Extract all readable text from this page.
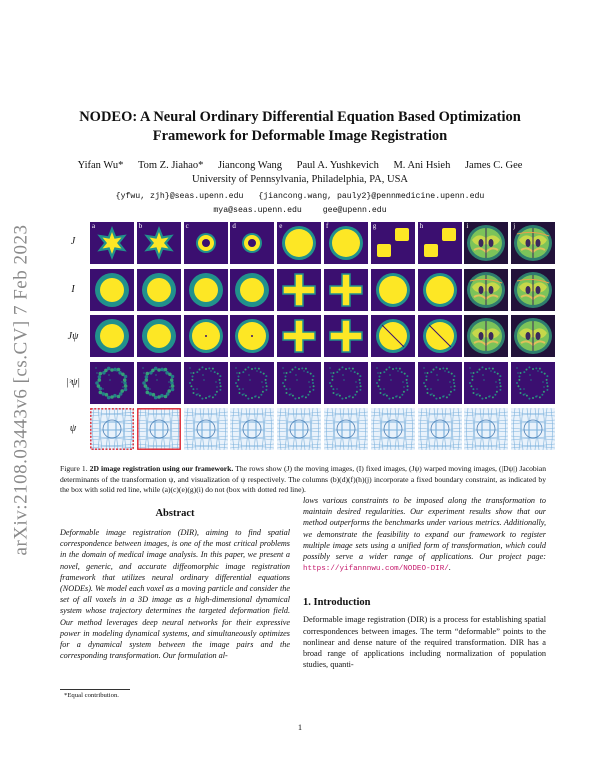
arXiv:2108.03443v6 [cs.CV] 7 Feb 2023
NODEO: A Neural Ordinary Differential Equation Based Optimization
Framework for Deformable Image Registration
Yifan Wu* Tom Z. Jiahao* Jiancong Wang Paul A. Yushkevich M. Ani Hsieh James C. Gee
University of Pennsylvania, Philadelphia, PA, USA
{yfwu, zjh}@seas.upenn.edu {jiancong.wang, pauly2}@pennmedicine.upenn.edu
mya@seas.upenn.edu	gee@upenn.edu
J
I
Jψ
|ᶟψ|
ψ
a	b	c	d	e	f	g	h	i	j
Figure 1. 2D image registration using our framework. The rows show (J) the moving images, (I) fixed images, (Jψ) warped moving images, (|Dψ|) Jacobian determinants of the transformation ψ, and visualization of ψ respectively. The columns (b)(d)(f)(h)(j) incorporate a fixed boundary constraint, as indicated by the box with solid red line, while (a)(c)(e)(g)(i) do not (box with dotted red line).
Abstract

Deformable image registration (DIR), aiming to find spatial correspondence between images, is one of the most critical problems in the domain of medical image analysis. In this paper, we present a novel, generic, and accurate diffeomorphic image registration framework that utilizes neural ordinary differential equations (NODEs). We model each voxel as a moving particle and consider the set of all voxels in a 3D image as a high-dimensional dynamical system whose trajectory determines the targeted deformation field. Our method leverages deep neural networks for their expressive power in modeling dynamical systems, and simultaneously optimizes for a dynamical system between the image pairs and the corresponding transformation. Our formulation al-

lows various constraints to be imposed along the transformation to maintain desired regularities. Our experiment results show that our method outperforms the benchmarks under various metrics. Additionally, we demonstrate the feasibility to expand our framework to register multiple image sets using a unified form of transformation, which could possibly serve a wider range of applications. Our project page: https://yifannnwu.com/NODEO-DIR/.

1. Introduction

Deformable image registration (DIR) is a process for establishing spatial correspondences between images. The term “deformable” points to the nonlinear and dense nature of the required transformation. DIR has a broad range of applications including normalization of population studies, quanti-

*Equal contribution.
1
